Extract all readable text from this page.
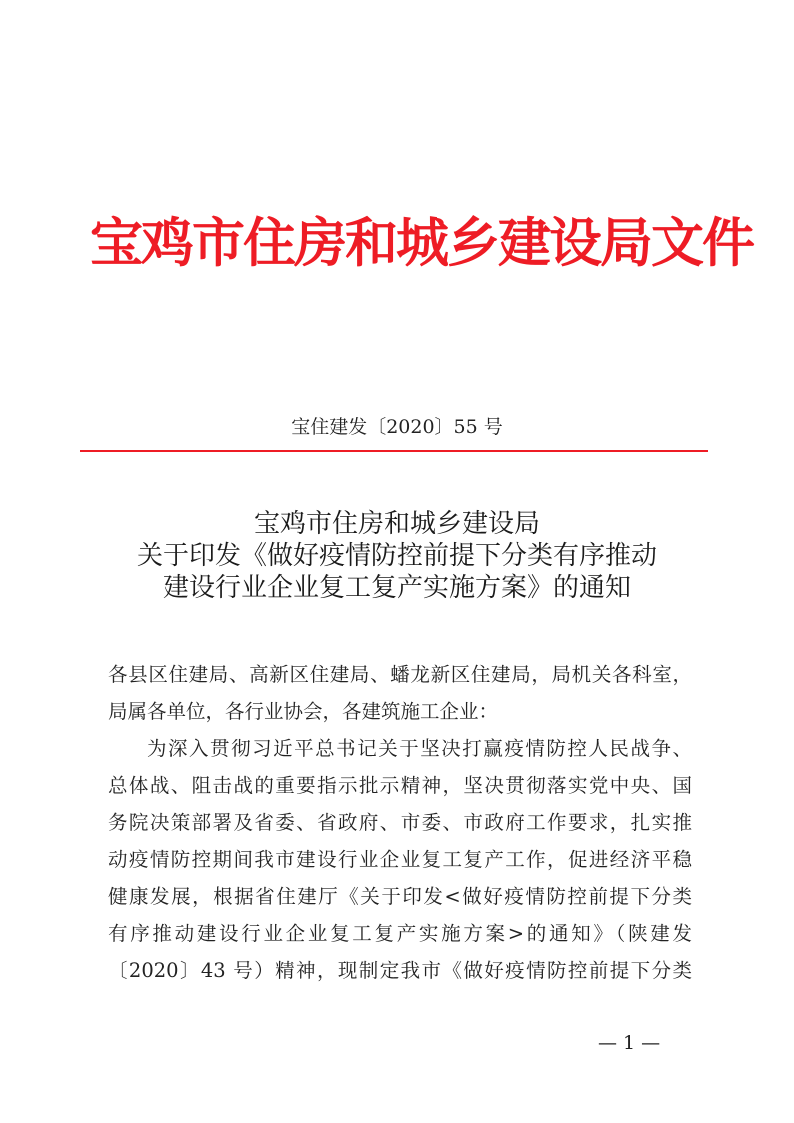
宝鸡市住房和城乡建设局文件
宝住建发〔2020〕55 号
宝鸡市住房和城乡建设局
关于印发《做好疫情防控前提下分类有序推动
建设行业企业复工复产实施方案》的通知
各县区住建局、高新区住建局、蟠龙新区住建局，局机关各科室，
局属各单位，各行业协会，各建筑施工企业：
为深入贯彻习近平总书记关于坚决打赢疫情防控人民战争、
总体战、阻击战的重要指示批示精神，坚决贯彻落实党中央、国
务院决策部署及省委、省政府、市委、市政府工作要求，扎实推
动疫情防控期间我市建设行业企业复工复产工作，促进经济平稳
健康发展，根据省住建厅《关于印发<做好疫情防控前提下分类
有序推动建设行业企业复工复产实施方案>的通知》（陕建发
〔2020〕43 号）精神，现制定我市《做好疫情防控前提下分类
— 1 —
